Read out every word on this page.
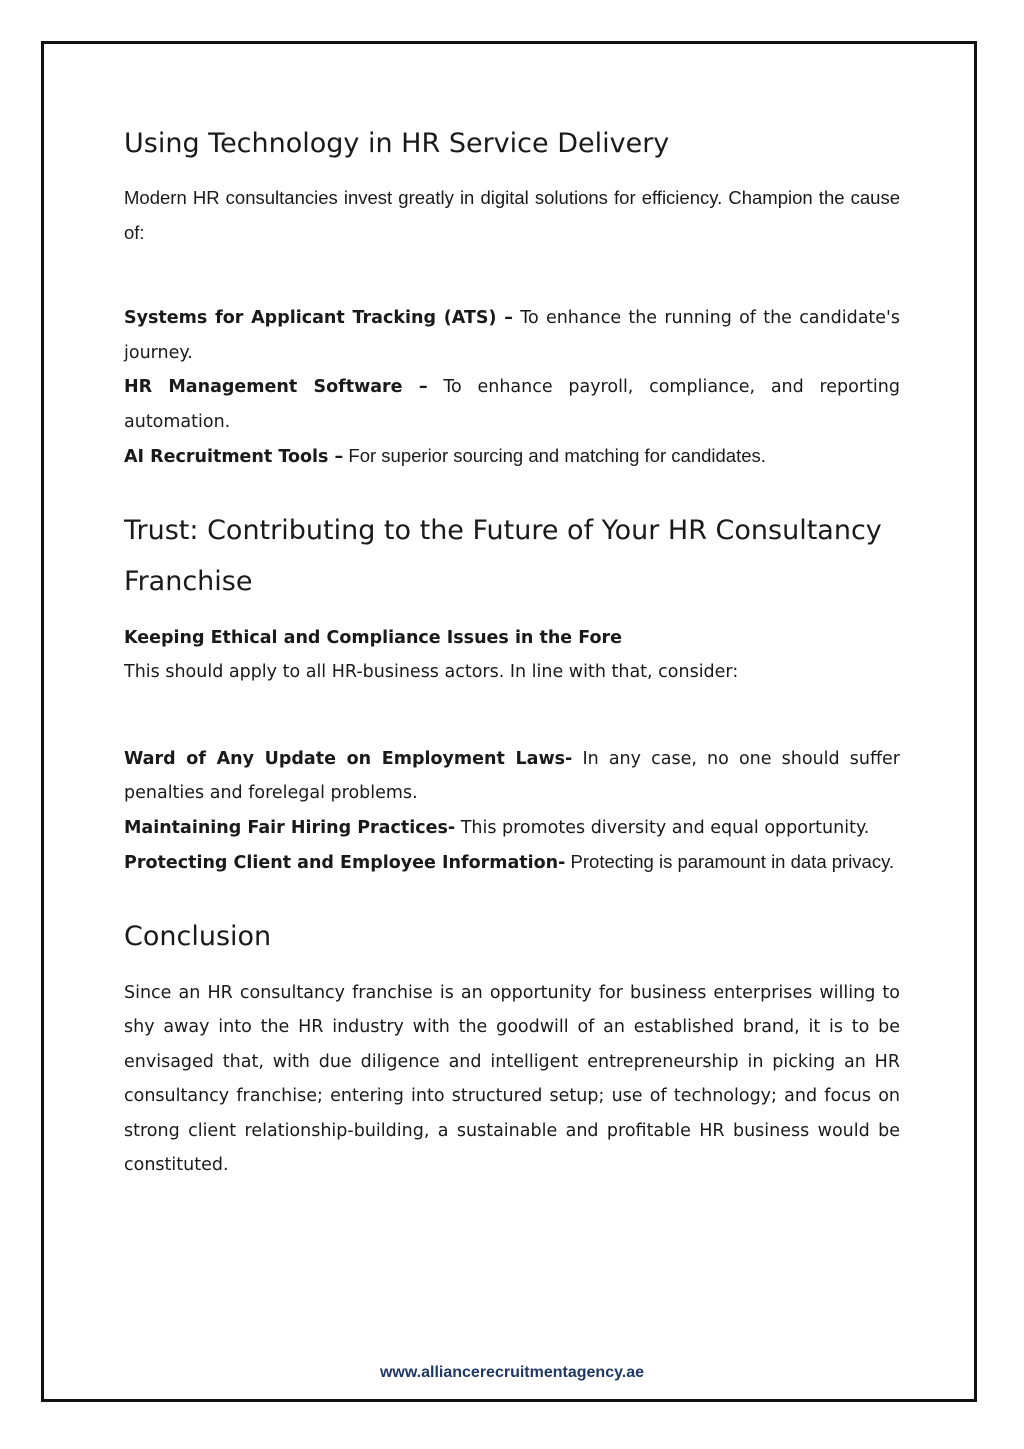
Using Technology in HR Service Delivery

Modern HR consultancies invest greatly in digital solutions for efficiency. Champion the cause of:

Systems for Applicant Tracking (ATS) – To enhance the running of the candidate's journey.

HR Management Software – To enhance payroll, compliance, and reporting automation.

AI Recruitment Tools – For superior sourcing and matching for candidates.

Trust: Contributing to the Future of Your HR Consultancy Franchise

Keeping Ethical and Compliance Issues in the Fore

This should apply to all HR-business actors. In line with that, consider:

Ward of Any Update on Employment Laws- In any case, no one should suffer penalties and forelegal problems.

Maintaining Fair Hiring Practices- This promotes diversity and equal opportunity.

Protecting Client and Employee Information- Protecting is paramount in data privacy.

Conclusion

Since an HR consultancy franchise is an opportunity for business enterprises willing to shy away into the HR industry with the goodwill of an established brand, it is to be envisaged that, with due diligence and intelligent entrepreneurship in picking an HR consultancy franchise; entering into structured setup; use of technology; and focus on strong client relationship-building, a sustainable and profitable HR business would be constituted.

www.alliancerecruitmentagency.ae
